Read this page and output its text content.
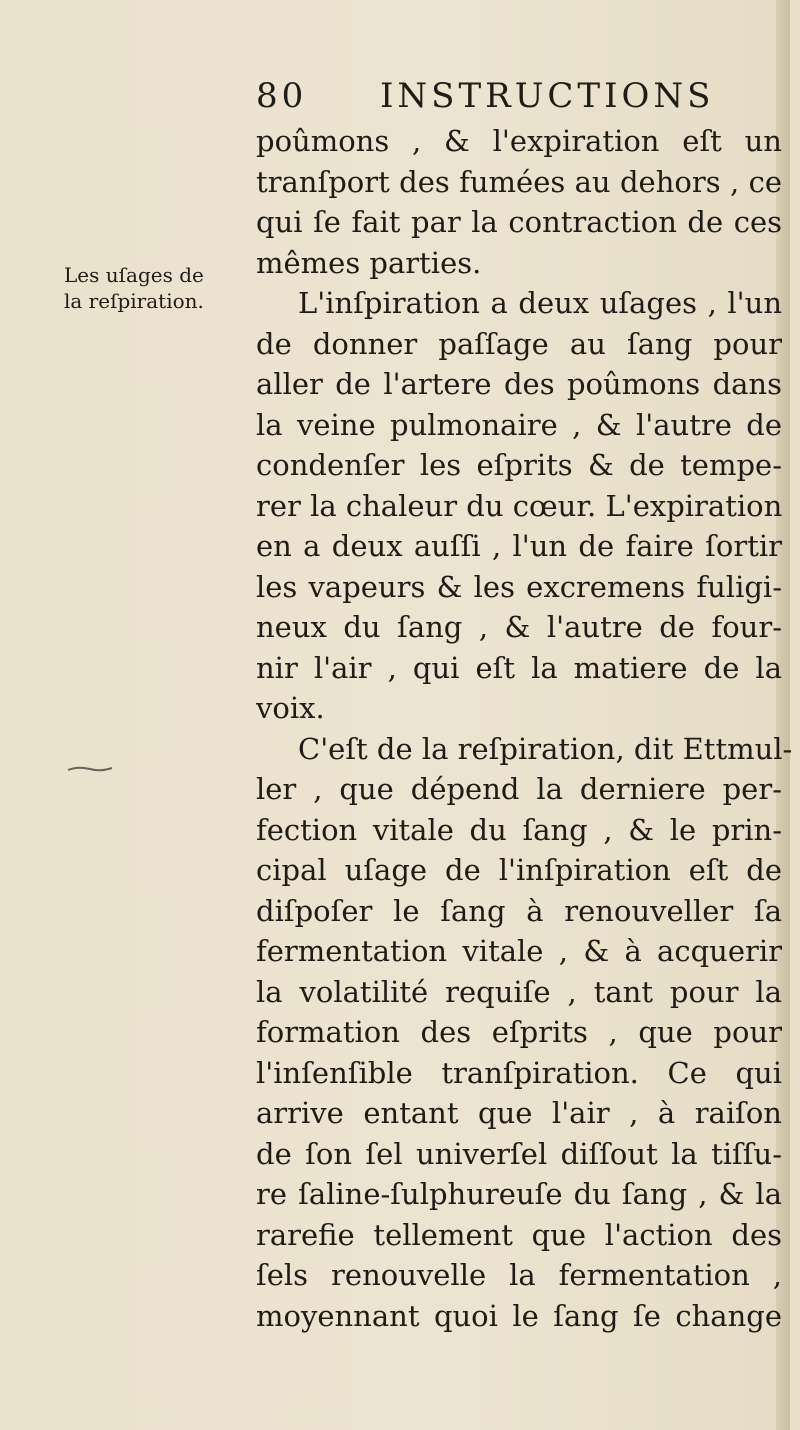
80 INSTRUCTIONS
Les uſages de
la reſpiration.
poûmons , & l'expiration eſt un
tranſport des fumées au dehors , ce
qui ſe fait par la contraction de ces
mêmes parties.
L'inſpiration a deux uſages , l'un
de donner paſſage au ſang pour
aller de l'artere des poûmons dans
la veine pulmonaire , & l'autre de
condenſer les eſprits & de tempe-
rer la chaleur du cœur. L'expiration
en a deux auſſi , l'un de faire ſortir
les vapeurs & les excremens fuligi-
neux du ſang , & l'autre de four-
nir l'air , qui eſt la matiere de la
voix.
C'eſt de la reſpiration, dit Ettmul-
ler , que dépend la derniere per-
fection vitale du ſang , & le prin-
cipal uſage de l'inſpiration eſt de
diſpoſer le ſang à renouveller ſa
fermentation vitale , & à acquerir
la volatilité requiſe , tant pour la
formation des eſprits , que pour
l'inſenſible tranſpiration. Ce qui
arrive entant que l'air , à raiſon
de ſon ſel univerſel diſſout la tiſſu-
re ſaline-ſulphureuſe du ſang , & la
rarefie tellement que l'action des
ſels renouvelle la fermentation ,
moyennant quoi le ſang ſe change
